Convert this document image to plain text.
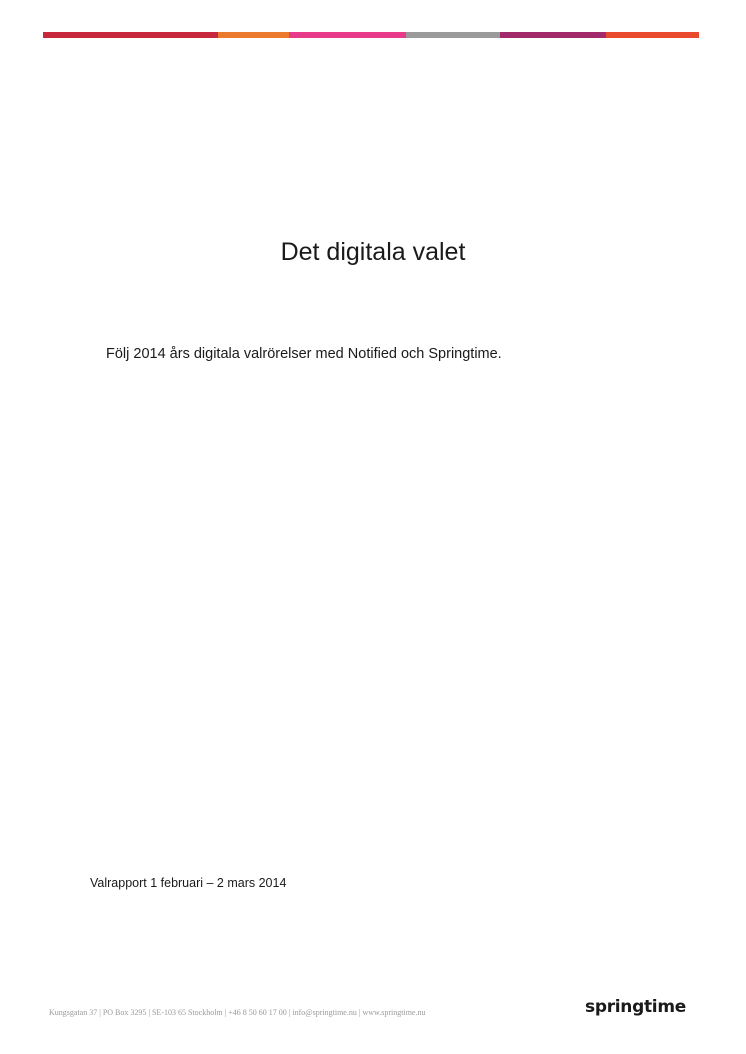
Det digitala valet

Följ 2014 års digitala valrörelser med Notified och Springtime.

Valrapport 1 februari – 2 mars 2014

Kungsgatan 37 | PO Box 3295 | SE-103 65 Stockholm | +46 8 50 60 17 00 | info@springtime.nu | www.springtime.nu	springtime
